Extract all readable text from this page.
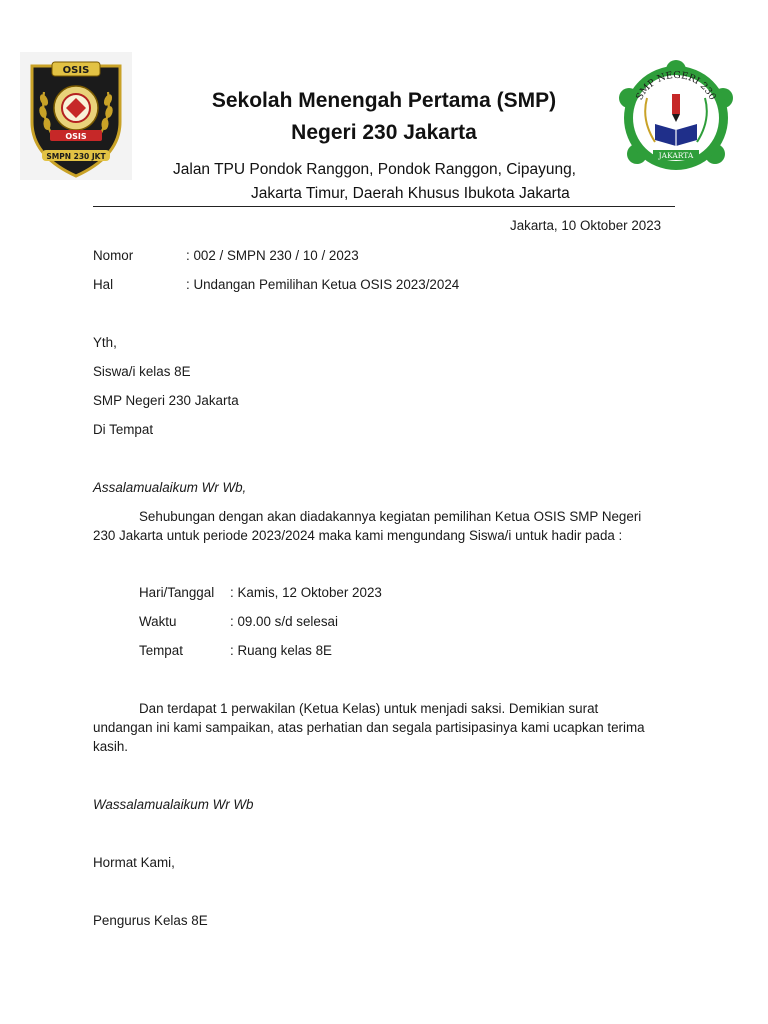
OSIS
OSIS
SMPN 230 JKT
SMP NEGERI 230
JAKARTA
Sekolah Menengah Pertama (SMP)
Negeri 230 Jakarta
Jalan TPU Pondok Ranggon, Pondok Ranggon, Cipayung,
Jakarta Timur, Daerah Khusus Ibukota Jakarta
Jakarta, 10 Oktober 2023
Nomor	: 002 / SMPN 230 / 10 / 2023
Hal	: Undangan Pemilihan Ketua OSIS 2023/2024
Yth,
Siswa/i kelas 8E
SMP Negeri 230 Jakarta
Di Tempat
Assalamualaikum Wr Wb,
Sehubungan dengan akan diadakannya kegiatan pemilihan Ketua OSIS SMP Negeri
230 Jakarta untuk periode 2023/2024 maka kami mengundang Siswa/i untuk hadir pada :
Hari/Tanggal : Kamis, 12 Oktober 2023
Waktu	: 09.00 s/d selesai
Tempat	: Ruang kelas 8E
Dan terdapat 1 perwakilan (Ketua Kelas) untuk menjadi saksi. Demikian surat
undangan ini kami sampaikan, atas perhatian dan segala partisipasinya kami ucapkan terima
kasih.
Wassalamualaikum Wr Wb
Hormat Kami,
Pengurus Kelas 8E
